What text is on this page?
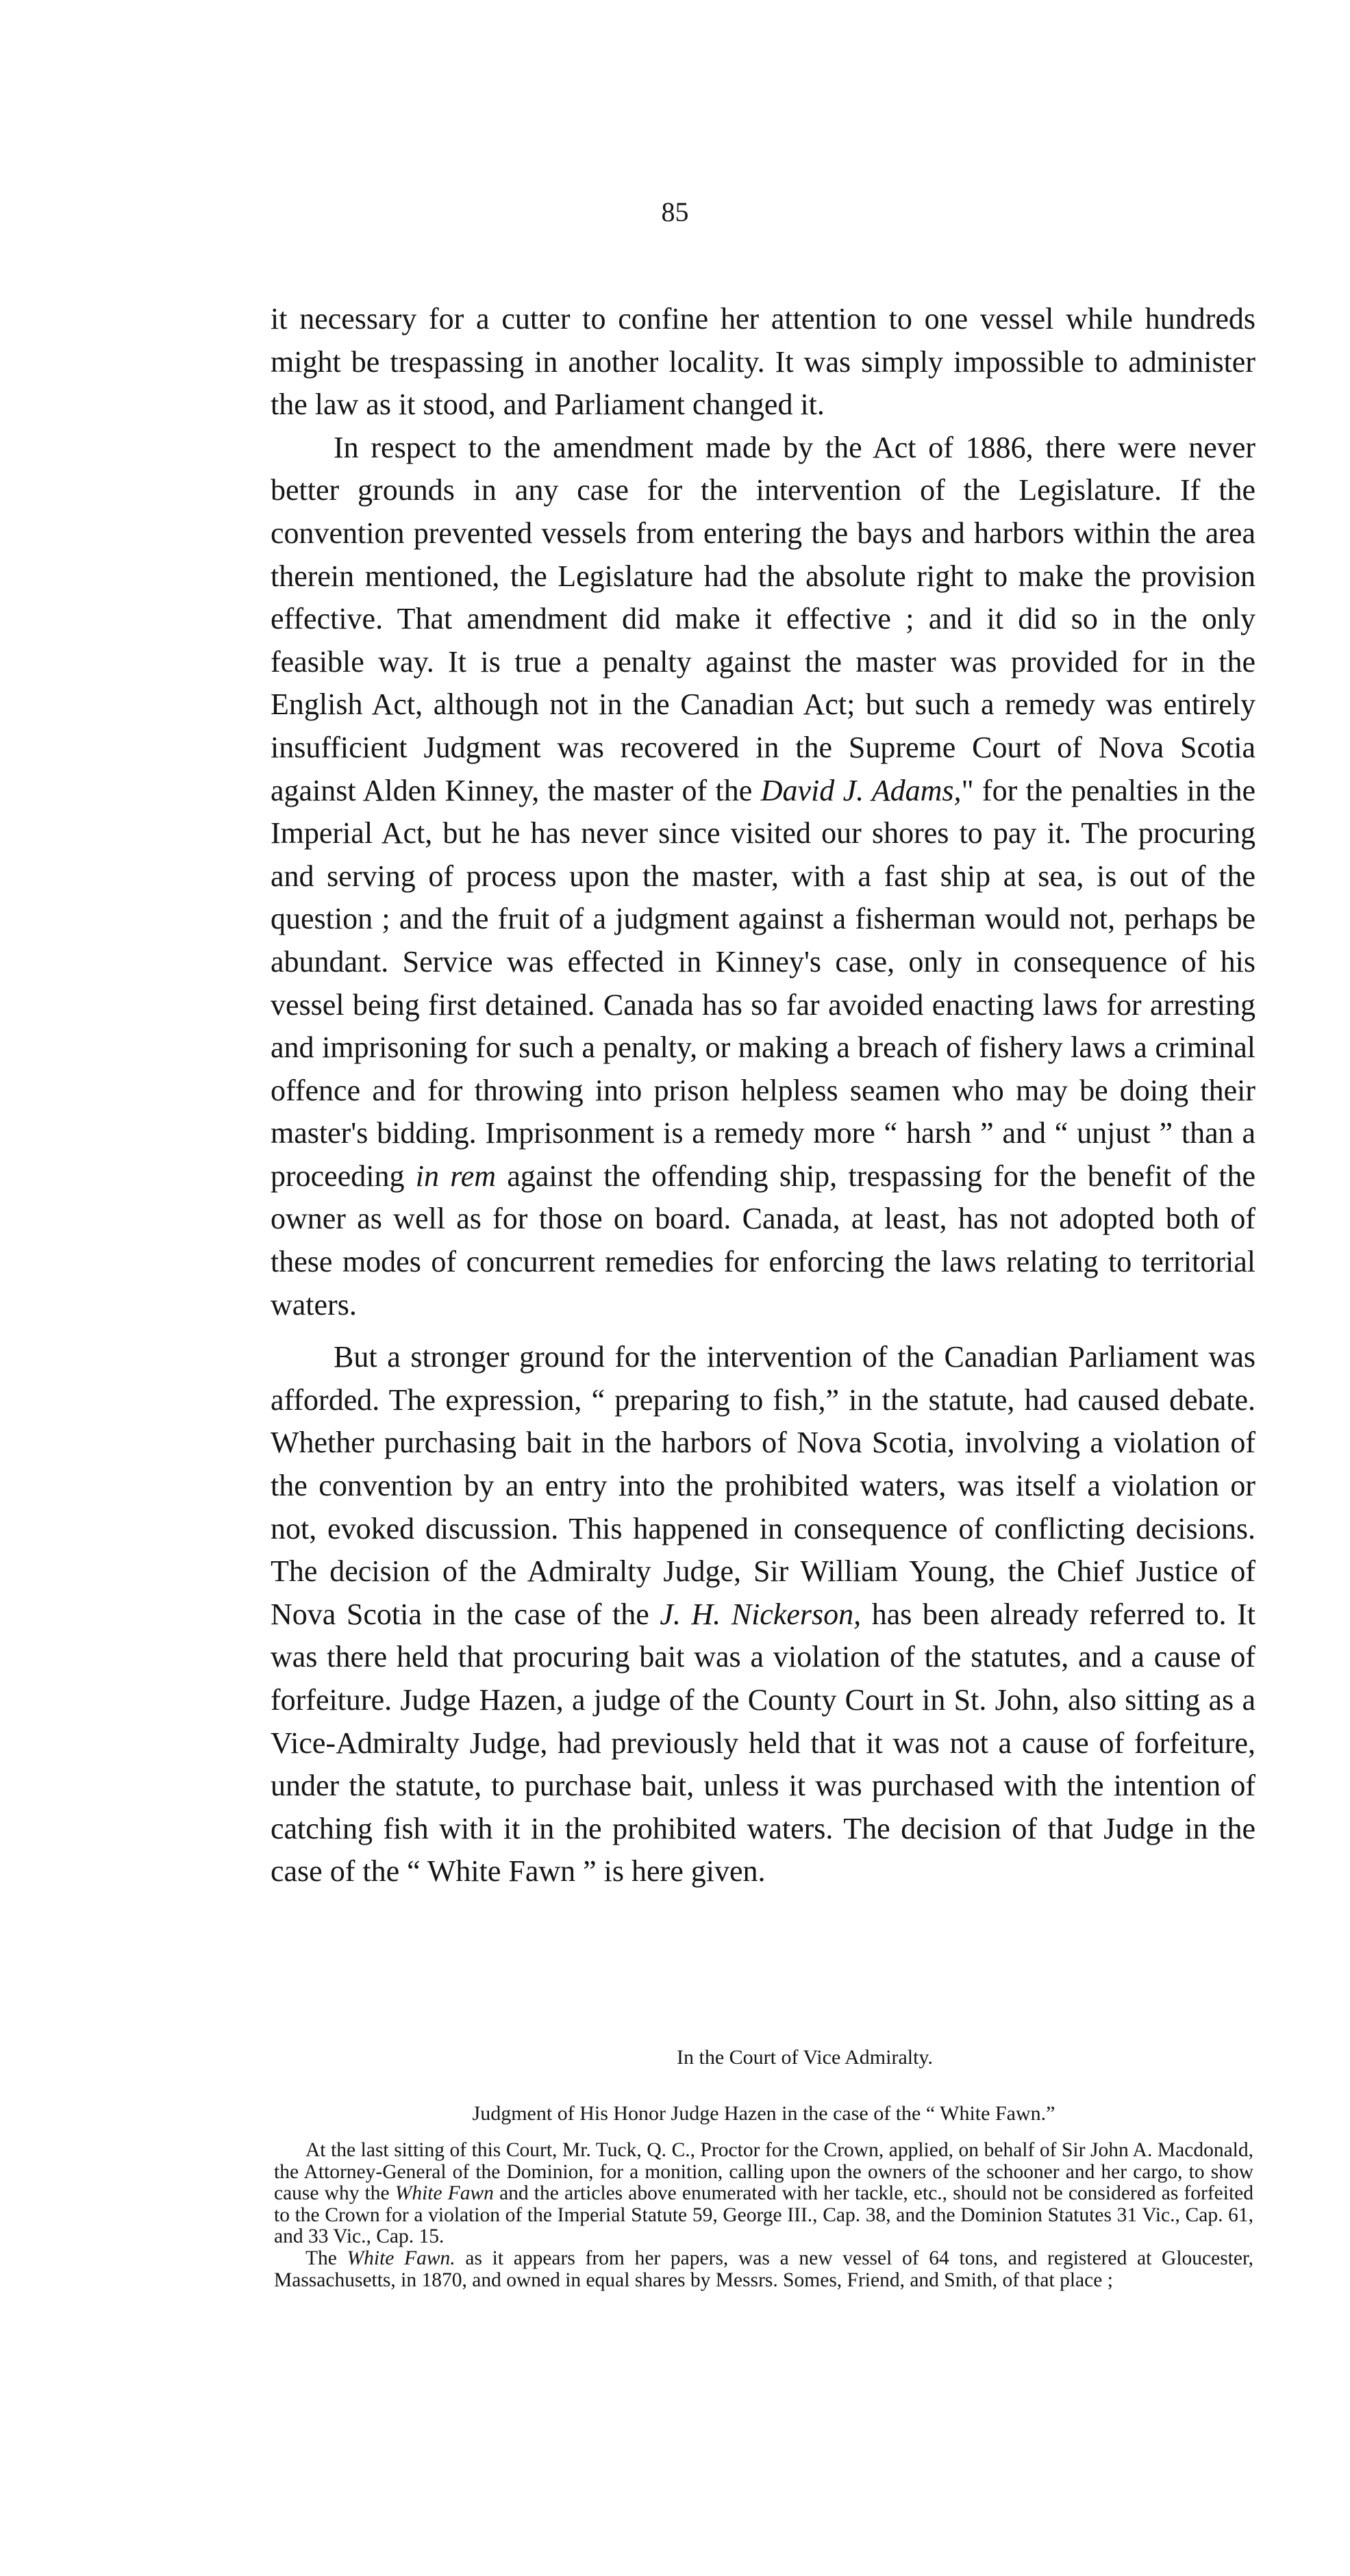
85

it necessary for a cutter to confine her attention to one vessel while hundreds might be trespassing in another locality. It was simply impossible to administer the law as it stood, and Parliament changed it.

In respect to the amendment made by the Act of 1886, there were never better grounds in any case for the intervention of the Legislature. If the convention prevented vessels from entering the bays and harbors within the area therein mentioned, the Legislature had the absolute right to make the provision effective. That amendment did make it effective ; and it did so in the only feasible way. It is true a penalty against the master was provided for in the English Act, although not in the Canadian Act; but such a remedy was entirely insufficient Judgment was recovered in the Supreme Court of Nova Scotia against Alden Kinney, the master of the David J. Adams," for the penalties in the Imperial Act, but he has never since visited our shores to pay it. The procuring and serving of process upon the master, with a fast ship at sea, is out of the question ; and the fruit of a judgment against a fisherman would not, perhaps be abundant. Service was effected in Kinney's case, only in consequence of his vessel being first detained. Canada has so far avoided enacting laws for arresting and imprisoning for such a penalty, or making a breach of fishery laws a criminal offence and for throwing into prison helpless seamen who may be doing their master's bidding. Imprisonment is a remedy more “ harsh ” and “ unjust ” than a proceeding in rem against the offending ship, trespassing for the benefit of the owner as well as for those on board. Canada, at least, has not adopted both of these modes of concurrent remedies for enforcing the laws relating to territorial waters.

But a stronger ground for the intervention of the Canadian Parliament was afforded. The expression, “ preparing to fish,” in the statute, had caused debate. Whether purchasing bait in the harbors of Nova Scotia, involving a violation of the convention by an entry into the prohibited waters, was itself a violation or not, evoked discussion. This happened in consequence of conflicting decisions. The decision of the Admiralty Judge, Sir William Young, the Chief Justice of Nova Scotia in the case of the J. H. Nickerson, has been already referred to. It was there held that procuring bait was a violation of the statutes, and a cause of forfeiture. Judge Hazen, a judge of the County Court in St. John, also sitting as a Vice-Admiralty Judge, had previously held that it was not a cause of forfeiture, under the statute, to purchase bait, unless it was purchased with the intention of catching fish with it in the prohibited waters. The decision of that Judge in the case of the “ White Fawn ” is here given.

In the Court of Vice Admiralty.
Judgment of His Honor Judge Hazen in the case of the “ White Fawn.”

At the last sitting of this Court, Mr. Tuck, Q. C., Proctor for the Crown, applied, on behalf of Sir John A. Macdonald, the Attorney-General of the Dominion, for a monition, calling upon the owners of the schooner and her cargo, to show cause why the White Fawn and the articles above enumerated with her tackle, etc., should not be considered as forfeited to the Crown for a violation of the Imperial Statute 59, George III., Cap. 38, and the Dominion Statutes 31 Vic., Cap. 61, and 33 Vic., Cap. 15.

The White Fawn. as it appears from her papers, was a new vessel of 64 tons, and registered at Gloucester, Massachusetts, in 1870, and owned in equal shares by Messrs. Somes, Friend, and Smith, of that place ;
